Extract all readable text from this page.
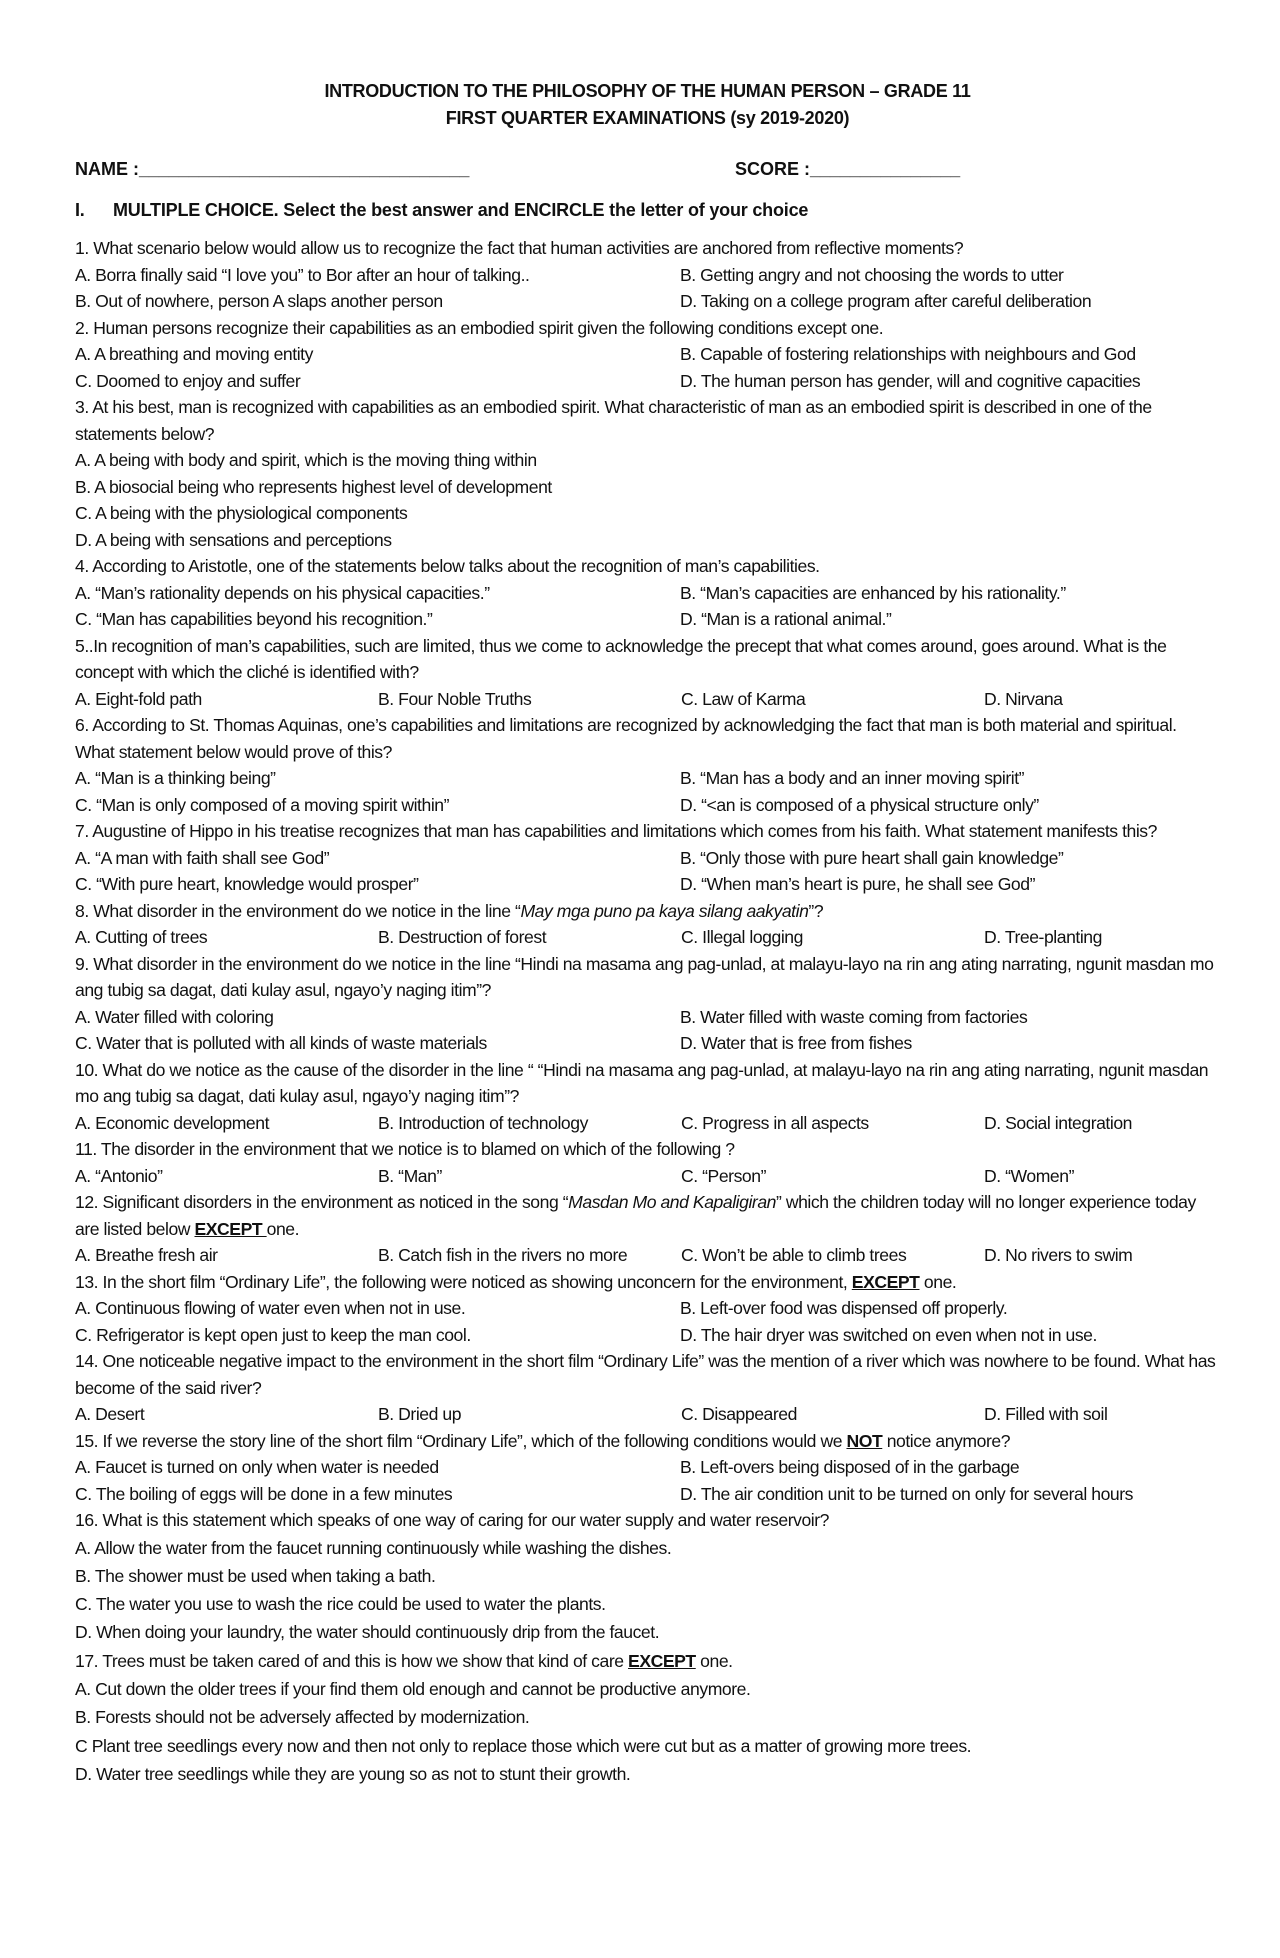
INTRODUCTION TO THE PHILOSOPHY OF THE HUMAN PERSON – GRADE 11
FIRST QUARTER EXAMINATIONS (sy 2019-2020)
NAME :_________________________________	SCORE :_______________
I. MULTIPLE CHOICE. Select the best answer and ENCIRCLE the letter of your choice
1. What scenario below would allow us to recognize the fact that human activities are anchored from reflective moments?
A. Borra finally said “I love you” to Bor after an hour of talking..	B. Getting angry and not choosing the words to utter
B. Out of nowhere, person A slaps another person	D. Taking on a college program after careful deliberation
2. Human persons recognize their capabilities as an embodied spirit given the following conditions except one.
A. A breathing and moving entity	B. Capable of fostering relationships with neighbours and God
C. Doomed to enjoy and suffer	D. The human person has gender, will and cognitive capacities
3. At his best, man is recognized with capabilities as an embodied spirit. What characteristic of man as an embodied spirit is described in one of the statements below?
A. A being with body and spirit, which is the moving thing within
B. A biosocial being who represents highest level of development
C. A being with the physiological components
D. A being with sensations and perceptions
4. According to Aristotle, one of the statements below talks about the recognition of man’s capabilities.
A. “Man’s rationality depends on his physical capacities.”	B. “Man’s capacities are enhanced by his rationality.”
C. “Man has capabilities beyond his recognition.”	D. “Man is a rational animal.”
5..In recognition of man’s capabilities, such are limited, thus we come to acknowledge the precept that what comes around, goes around. What is the concept with which the cliché is identified with?
A. Eight-fold path	B. Four Noble Truths	C. Law of Karma	D. Nirvana
6. According to St. Thomas Aquinas, one’s capabilities and limitations are recognized by acknowledging the fact that man is both material and spiritual. What statement below would prove of this?
A. “Man is a thinking being”	B. “Man has a body and an inner moving spirit”
C. “Man is only composed of a moving spirit within”	D. “<an is composed of a physical structure only”
7. Augustine of Hippo in his treatise recognizes that man has capabilities and limitations which comes from his faith. What statement manifests this?
A. “A man with faith shall see God”	B. “Only those with pure heart shall gain knowledge”
C. “With pure heart, knowledge would prosper”	D. “When man’s heart is pure, he shall see God”
8. What disorder in the environment do we notice in the line “May mga puno pa kaya silang aakyatin”?
A. Cutting of trees	B. Destruction of forest	C. Illegal logging	D. Tree-planting
9. What disorder in the environment do we notice in the line “Hindi na masama ang pag-unlad, at malayu-layo na rin ang ating narrating, ngunit masdan mo ang tubig sa dagat, dati kulay asul, ngayo’y naging itim”?
A. Water filled with coloring	B. Water filled with waste coming from factories
C. Water that is polluted with all kinds of waste materials	D. Water that is free from fishes
10. What do we notice as the cause of the disorder in the line “ “Hindi na masama ang pag-unlad, at malayu-layo na rin ang ating narrating, ngunit masdan mo ang tubig sa dagat, dati kulay asul, ngayo’y naging itim”?
A. Economic development	B. Introduction of technology	C. Progress in all aspects	D. Social integration
11. The disorder in the environment that we notice is to blamed on which of the following ?
A. “Antonio”	B. “Man”	C. “Person”	D. “Women”
12. Significant disorders in the environment as noticed in the song “Masdan Mo and Kapaligiran” which the children today will no longer experience today are listed below EXCEPT one.
A. Breathe fresh air	B. Catch fish in the rivers no more	C. Won’t be able to climb trees	D. No rivers to swim
13. In the short film “Ordinary Life”, the following were noticed as showing unconcern for the environment, EXCEPT one.
A. Continuous flowing of water even when not in use.	B. Left-over food was dispensed off properly.
C. Refrigerator is kept open just to keep the man cool.	D. The hair dryer was switched on even when not in use.
14. One noticeable negative impact to the environment in the short film “Ordinary Life” was the mention of a river which was nowhere to be found. What has become of the said river?
A. Desert	B. Dried up	C. Disappeared	D. Filled with soil
15. If we reverse the story line of the short film “Ordinary Life”, which of the following conditions would we NOT notice anymore?
A. Faucet is turned on only when water is needed	B. Left-overs being disposed of in the garbage
C. The boiling of eggs will be done in a few minutes	D. The air condition unit to be turned on only for several hours
16. What is this statement which speaks of one way of caring for our water supply and water reservoir?
A. Allow the water from the faucet running continuously while washing the dishes.
B. The shower must be used when taking a bath.
C. The water you use to wash the rice could be used to water the plants.
D. When doing your laundry, the water should continuously drip from the faucet.
17. Trees must be taken cared of and this is how we show that kind of care EXCEPT one.
A. Cut down the older trees if your find them old enough and cannot be productive anymore.
B. Forests should not be adversely affected by modernization.
C Plant tree seedlings every now and then not only to replace those which were cut but as a matter of growing more trees.
D. Water tree seedlings while they are young so as not to stunt their growth.
